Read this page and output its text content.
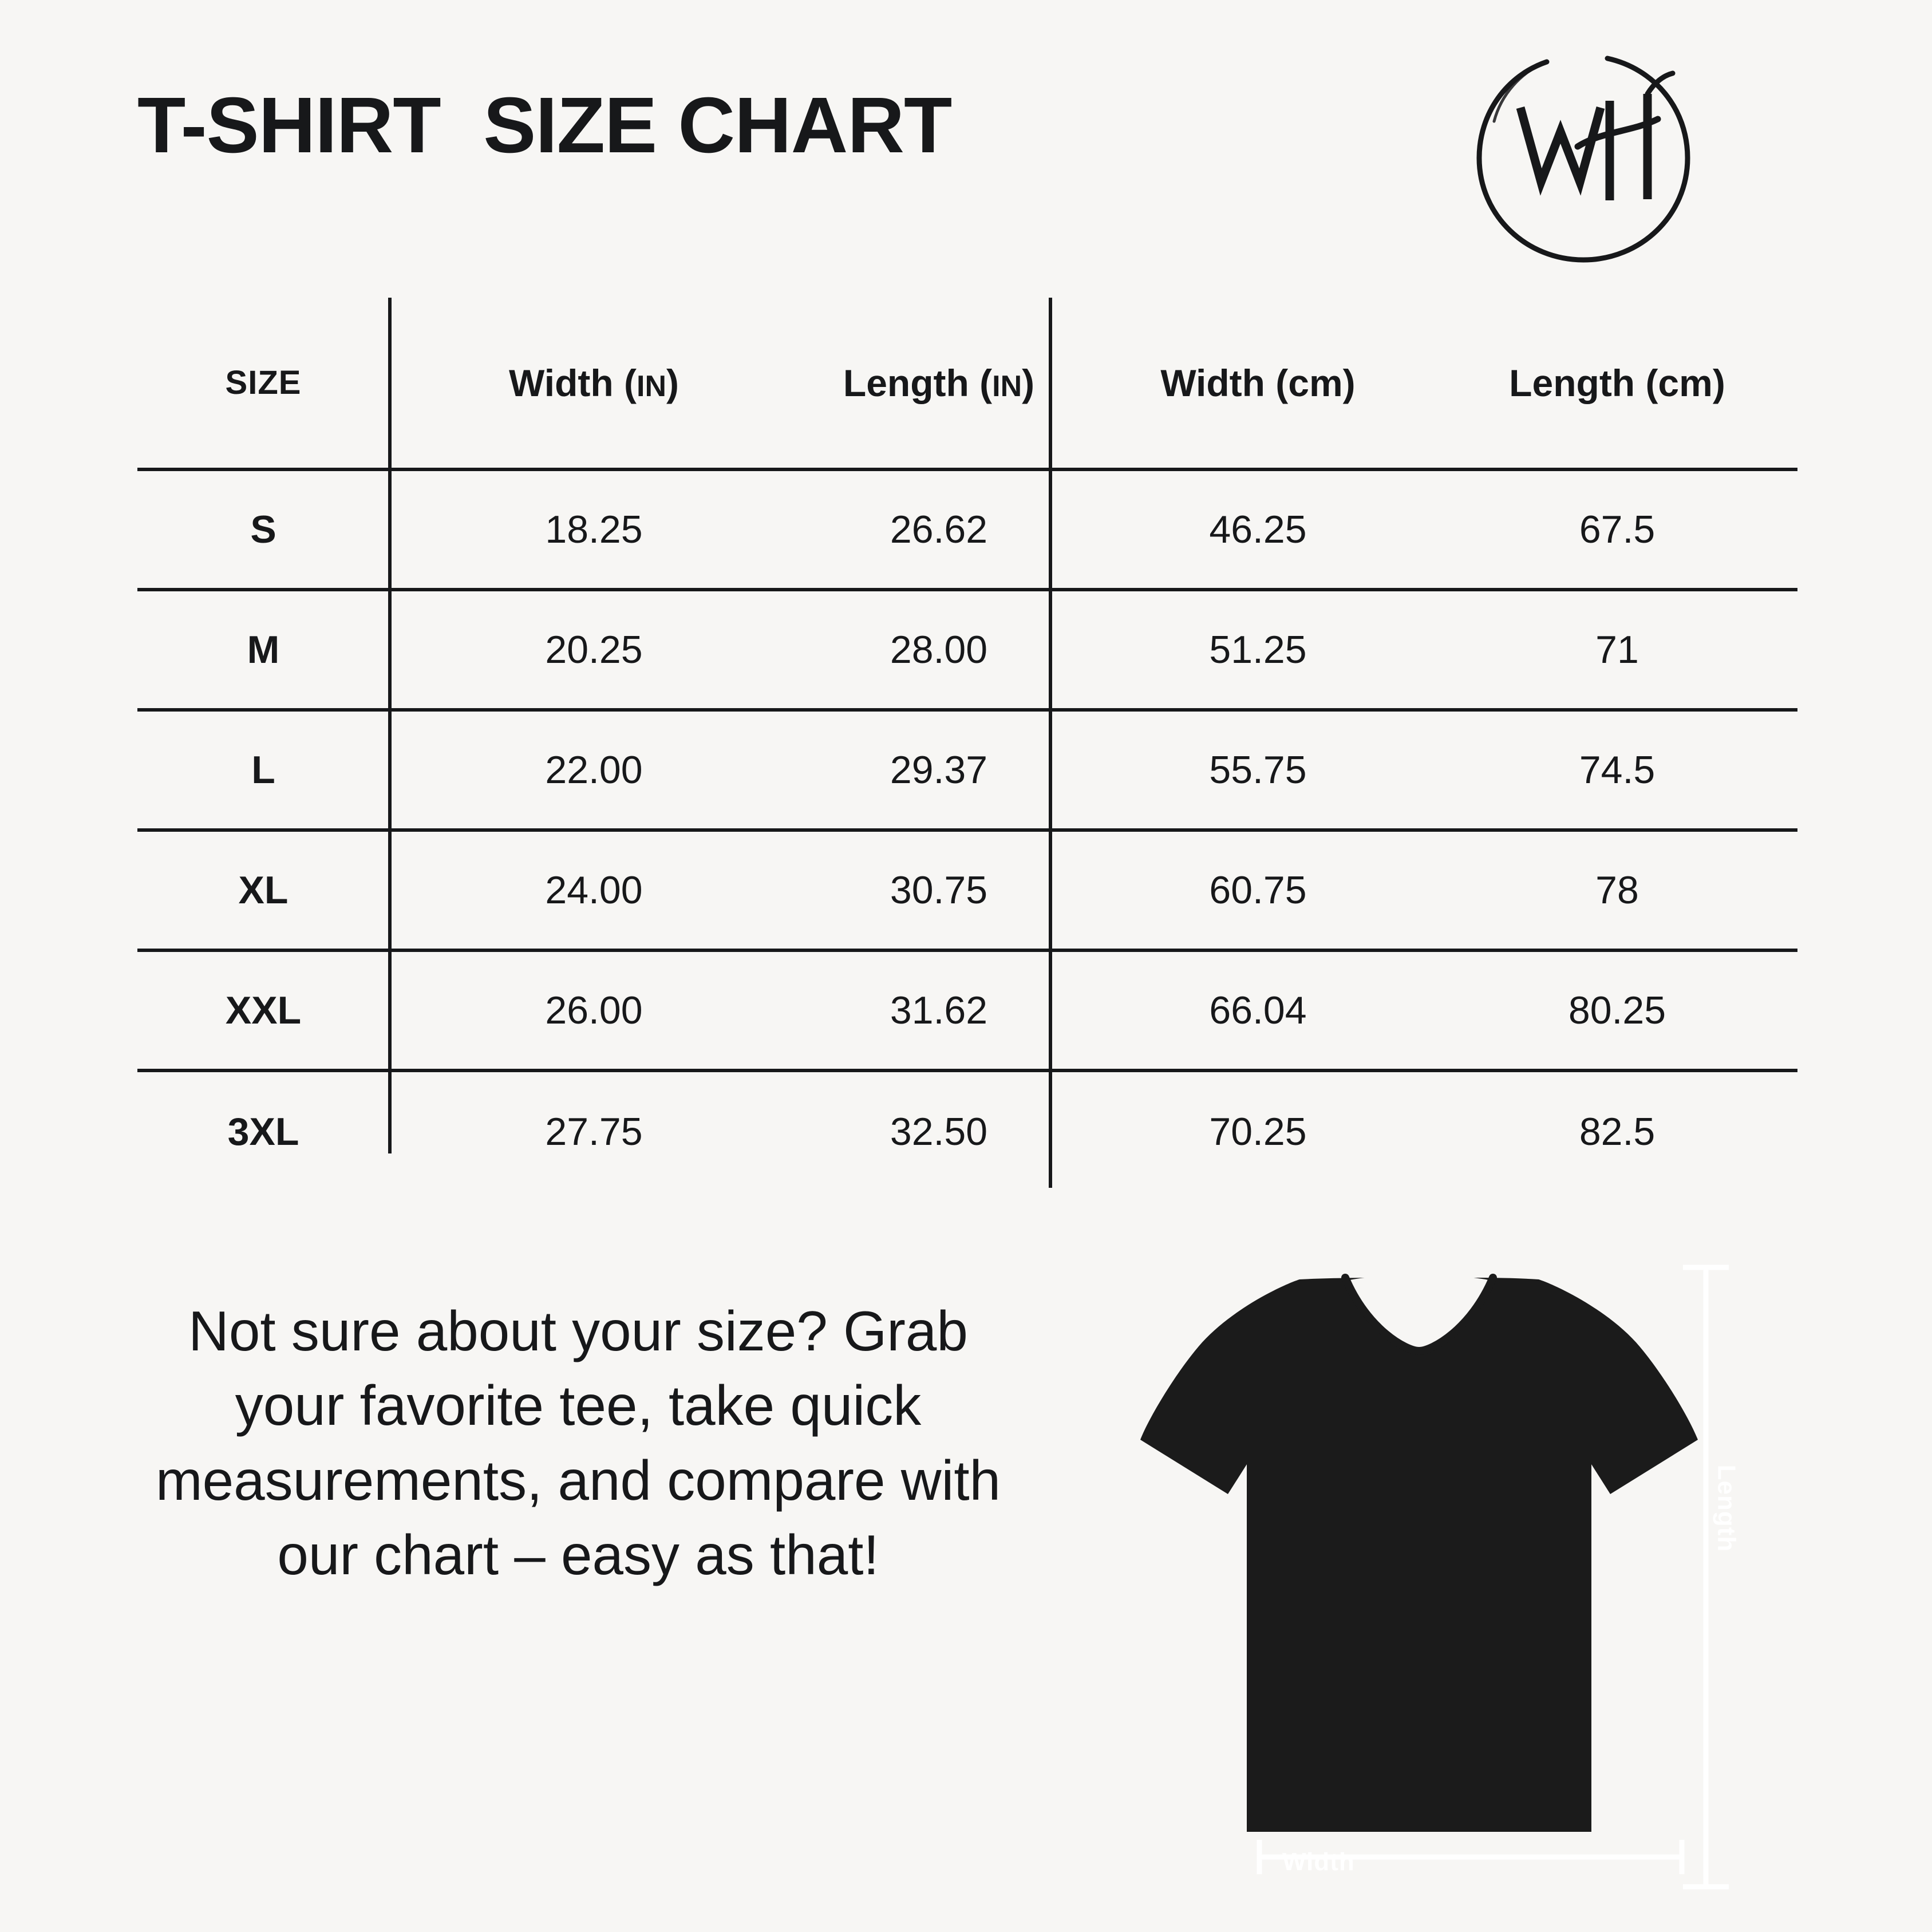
T-SHIRT  SIZE CHART
SIZE	Width (IN)	Length (IN)	Width (cm)	Length (cm)
S	18.25	26.62	46.25	67.5
M	20.25	28.00	51.25	71
L	22.00	29.37	55.75	74.5
XL	24.00	30.75	60.75	78
XXL	26.00	31.62	66.04	80.25
3XL	27.75	32.50	70.25	82.5
Not sure about your size? Grab your favorite tee, take quick measurements, and compare with our chart – easy as that!
Length
Width
